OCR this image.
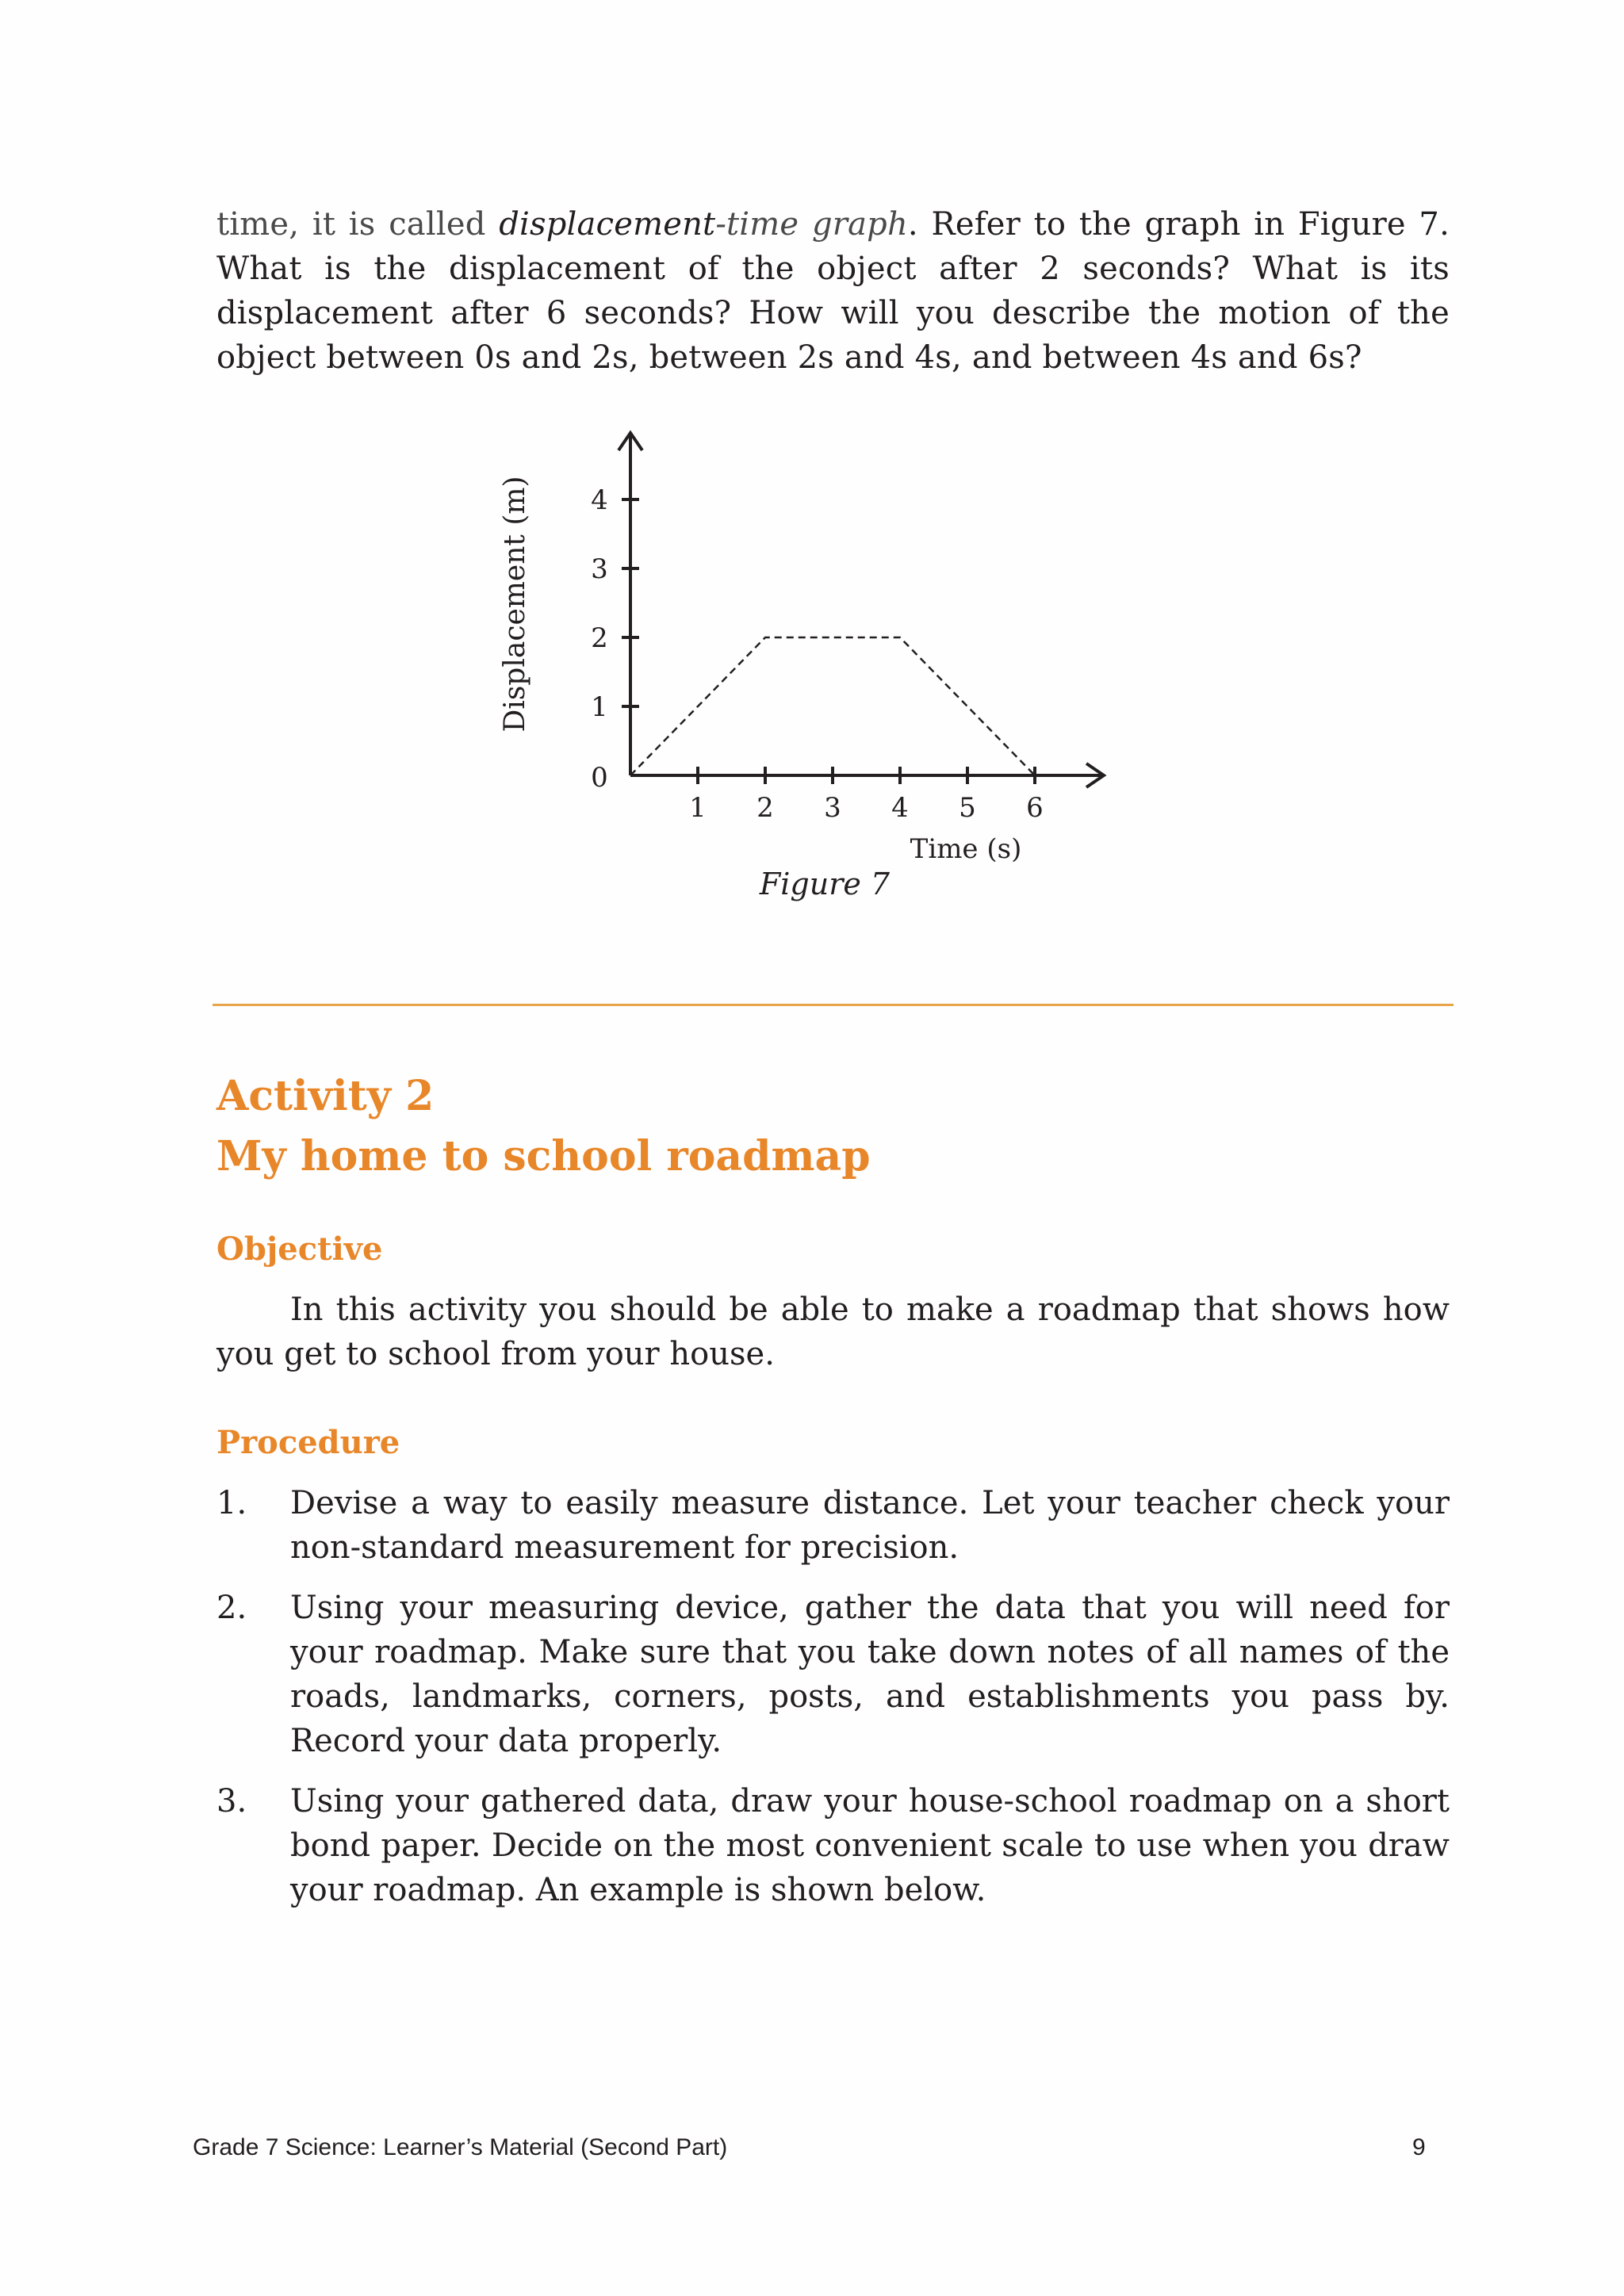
time, it is called displacement-time graph. Refer to the graph in Figure 7. What is the displacement of the object after 2 seconds? What is its displacement after 6 seconds? How will you describe the motion of the object between 0s and 2s, between 2s and 4s, and between 4s and 6s?

1 2 3 4 5 6
1
2
3
4
0
Time (s)
Displacement (m)
Figure 7
Activity 2
My home to school roadmap
Objective

In this activity you should be able to make a roadmap that shows how you get to school from your house.

Procedure
1. Devise a way to easily measure distance. Let your teacher check your non-standard measurement for precision.
2. Using your measuring device, gather the data that you will need for your roadmap. Make sure that you take down notes of all names of the roads, landmarks, corners, posts, and establishments you pass by. Record your data properly.
3. Using your gathered data, draw your house-school roadmap on a short bond paper. Decide on the most convenient scale to use when you draw your roadmap. An example is shown below.
Grade 7 Science: Learner’s Material (Second Part)	9
